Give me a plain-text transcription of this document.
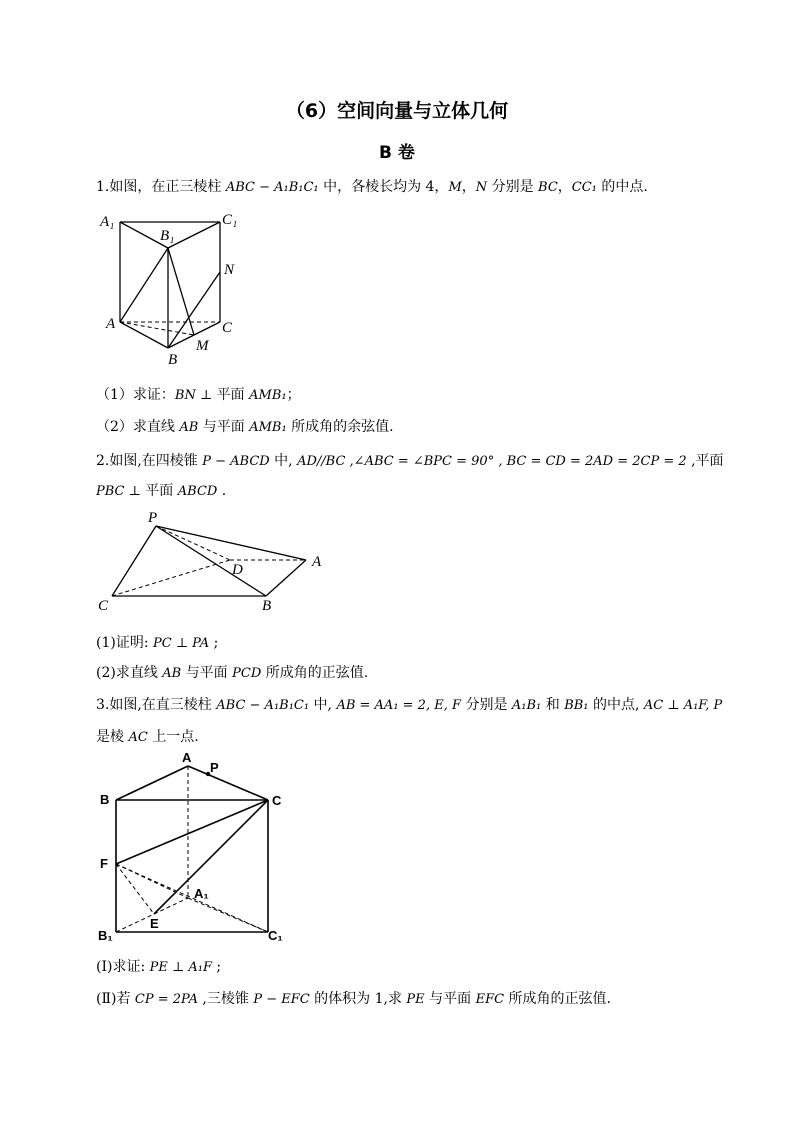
（6）空间向量与立体几何
B 卷
1.如图，在正三棱柱 ABC − A₁B₁C₁ 中，各棱长均为 4，M，N 分别是 BC，CC₁ 的中点.
A₁
B₁
C₁
N
A	C
B
M
（1）求证：BN ⊥ 平面 AMB₁；
（2）求直线 AB 与平面 AMB₁ 所成角的余弦值.
2.如图,在四棱锥 P − ABCD 中, AD//BC ,∠ABC = ∠BPC = 90° , BC = CD = 2AD = 2CP = 2 ,平面
PBC ⊥ 平面 ABCD .
P
D	A
C	B
(1)证明: PC ⊥ PA ;
(2)求直线 AB 与平面 PCD 所成角的正弦值.
3.如图,在直三棱柱 ABC − A₁B₁C₁ 中, AB = AA₁ = 2, E, F 分别是 A₁B₁ 和 BB₁ 的中点, AC ⊥ A₁F, P
是棱 AC 上一点.
A
P
B	C
F
A₁
E
B₁	C₁
(Ⅰ)求证: PE ⊥ A₁F ;
(Ⅱ)若 CP = 2PA ,三棱锥 P − EFC 的体积为 1,求 PE 与平面 EFC 所成角的正弦值.
